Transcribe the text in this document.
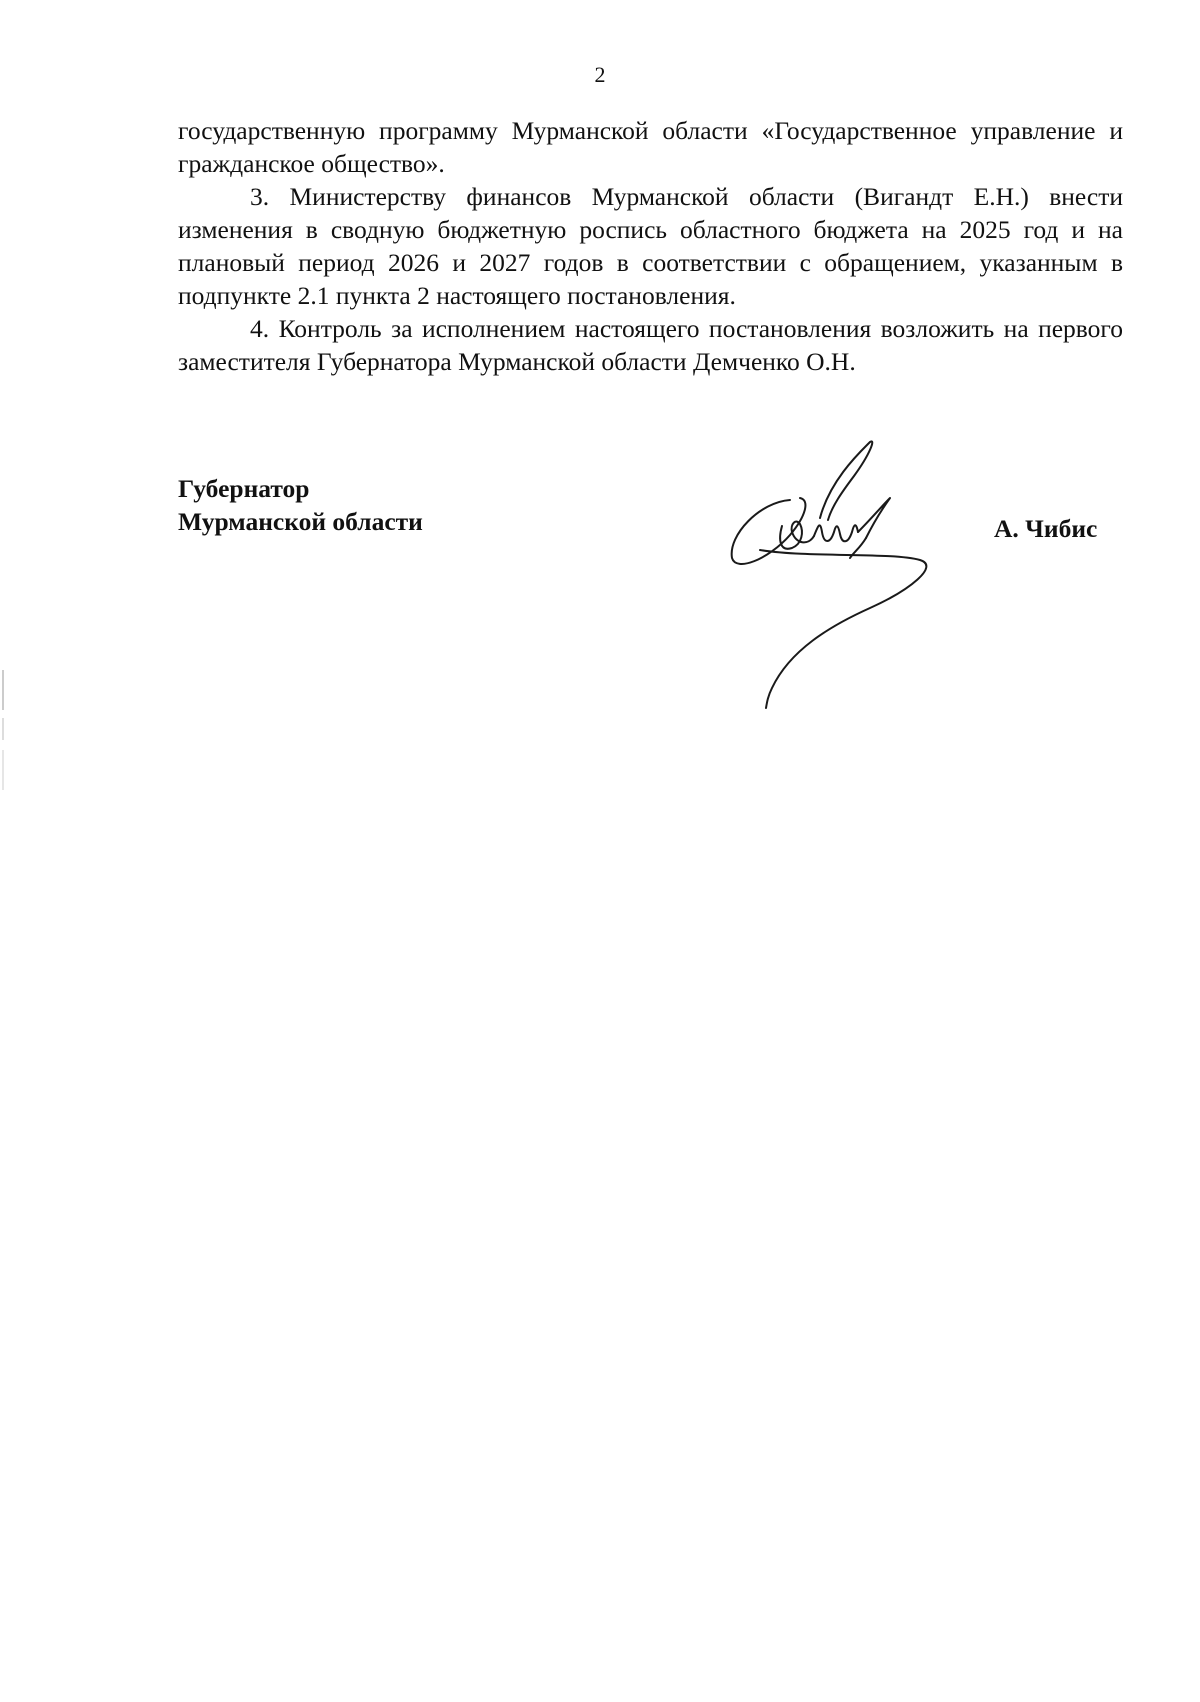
2

государственную программу Мурманской области «Государственное управление и гражданское общество».

3. Министерству финансов Мурманской области (Вигандт Е.Н.) внести изменения в сводную бюджетную роспись областного бюджета на 2025 год и на плановый период 2026 и 2027 годов в соответствии с обращением, указанным в подпункте 2.1 пункта 2 настоящего постановления.

4. Контроль за исполнением настоящего постановления возложить на первого заместителя Губернатора Мурманской области Демченко О.Н.

Губернатор
Мурманской области	А. Чибис
